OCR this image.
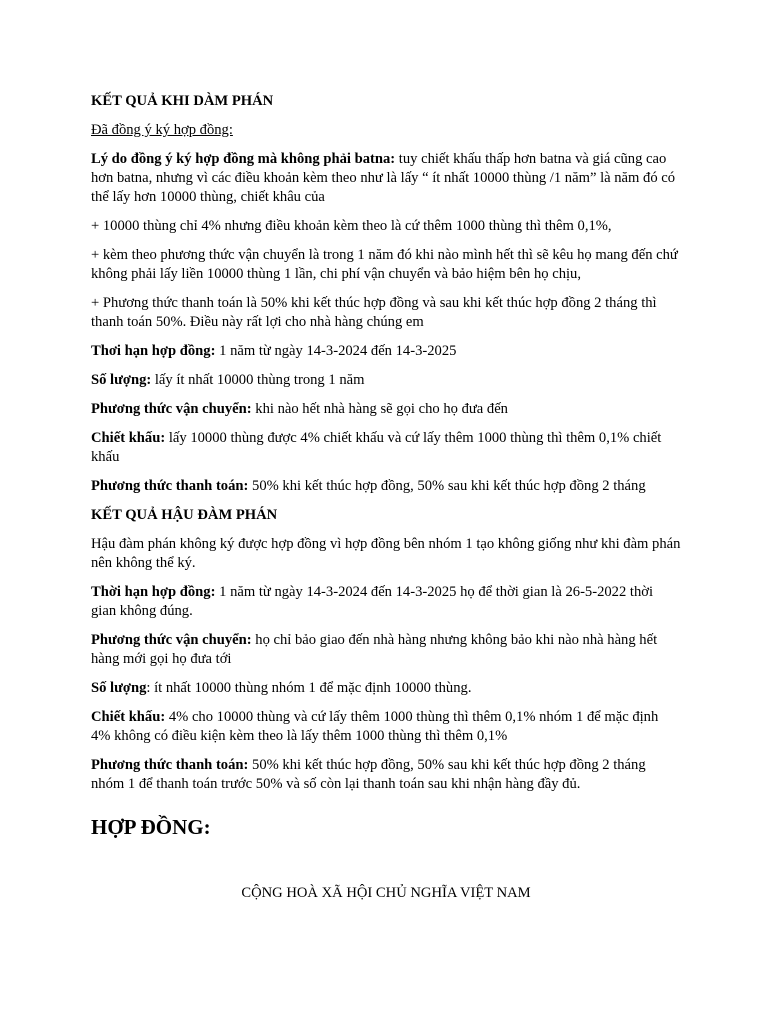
KẾT QUẢ KHI DÀM PHÁN

Đã đồng ý ký hợp đồng:

Lý do đồng ý ký hợp đồng mà không phải batna: tuy chiết khấu thấp hơn batna và giá cũng cao hơn batna, nhưng vì các điều khoản kèm theo như là lấy “ ít nhất 10000 thùng /1 năm” là năm đó có thể lấy hơn 10000 thùng, chiết khâu của

+ 10000 thùng chỉ 4% nhưng điều khoản kèm theo là cứ thêm 1000 thùng thì thêm 0,1%,

+ kèm theo phương thức vận chuyển là trong 1 năm đó khi nào mình hết thì sẽ kêu họ mang đến chứ không phải lấy liền 10000 thùng 1 lần, chi phí vận chuyển và bảo hiệm bên họ chịu,

+ Phương thức thanh toán là 50% khi kết thúc hợp đồng và sau khi kết thúc hợp đồng 2 tháng thì thanh toán 50%. Điều này rất lợi cho nhà hàng chúng em

Thơi hạn hợp đồng: 1 năm từ ngày 14-3-2024 đến 14-3-2025

Số lượng: lấy ít nhất 10000 thùng trong 1 năm

Phương thức vận chuyển: khi nào hết nhà hàng sẽ gọi cho họ đưa đến

Chiết khấu: lấy 10000 thùng được 4% chiết khấu và cứ lấy thêm 1000 thùng thì thêm 0,1% chiết khấu

Phương thức thanh toán: 50% khi kết thúc hợp đồng, 50% sau khi kết thúc hợp đồng 2 tháng

KẾT QUẢ HẬU ĐÀM PHÁN

Hậu đàm phán không ký được hợp đồng vì hợp đồng bên nhóm 1 tạo không giống như khi đàm phán nên không thể ký.

Thời hạn hợp đồng: 1 năm từ ngày 14-3-2024 đến 14-3-2025 họ để thời gian là 26-5-2022 thời gian không đúng.

Phương thức vận chuyển: họ chỉ bảo giao đến nhà hàng nhưng không bảo khi nào nhà hàng hết hàng mới gọi họ đưa tới

Số lượng: ít nhất 10000 thùng nhóm 1 để mặc định 10000 thùng.

Chiết khấu: 4% cho 10000 thùng và cứ lấy thêm 1000 thùng thì thêm 0,1% nhóm 1 để mặc định 4% không có điều kiện kèm theo là lấy thêm 1000 thùng thì thêm 0,1%

Phương thức thanh toán: 50% khi kết thúc hợp đồng, 50% sau khi kết thúc hợp đồng 2 tháng nhóm 1 để thanh toán trước 50% và số còn lại thanh toán sau khi nhận hàng đầy đủ.

HỢP ĐỒNG:

CỘNG HOÀ XÃ HỘI CHỦ NGHĨA VIỆT NAM
